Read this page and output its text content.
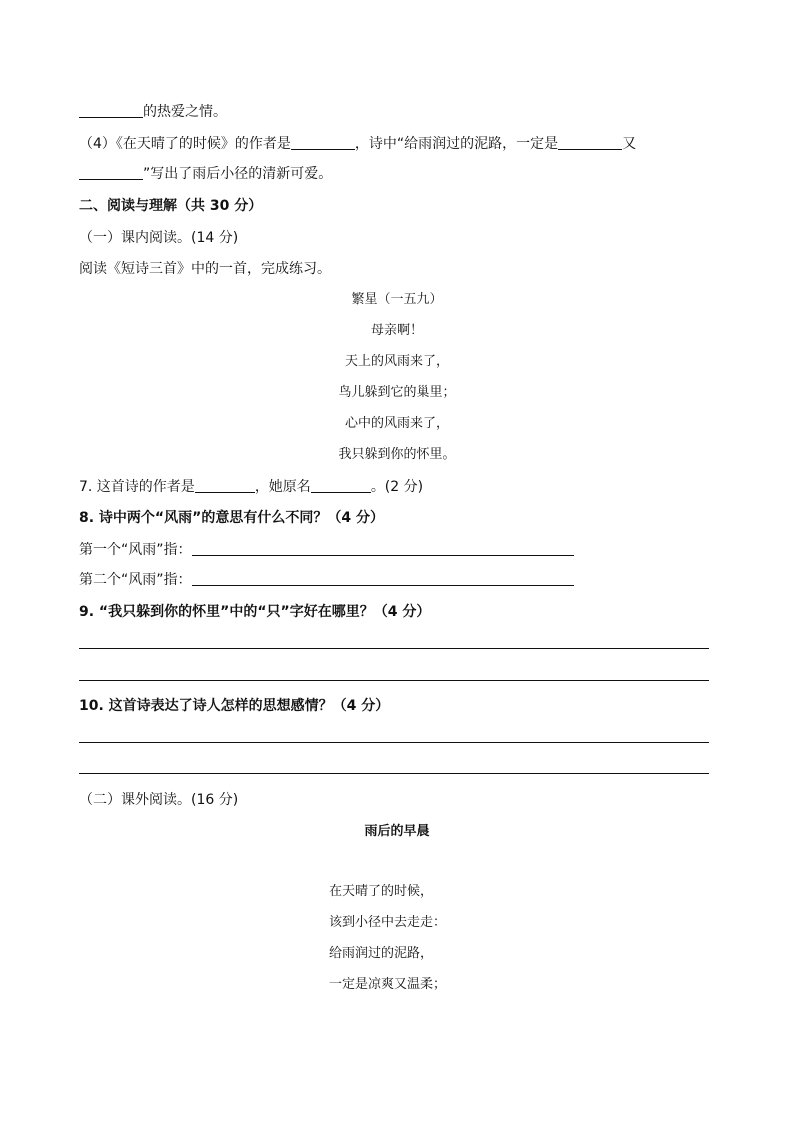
的热爱之情。
（4）《在天晴了的时候》的作者是	，诗中“给雨润过的泥路，一定是	又
”写出了雨后小径的清新可爱。
二、阅读与理解（共 30 分）
（一）课内阅读。(14 分)
阅读《短诗三首》中的一首，完成练习。
繁星（一五九）
母亲啊！
天上的风雨来了，
鸟儿躲到它的巢里；
心中的风雨来了，
我只躲到你的怀里。
7. 这首诗的作者是	，她原名	。(2 分)
8. 诗中两个“风雨”的意思有什么不同？（4 分）
第一个“风雨”指：
第二个“风雨”指：
9. “我只躲到你的怀里”中的“只”字好在哪里？（4 分）
10. 这首诗表达了诗人怎样的思想感情？（4 分）
（二）课外阅读。(16 分)
雨后的早晨
在天晴了的时候，
该到小径中去走走：
给雨润过的泥路，
一定是凉爽又温柔；
